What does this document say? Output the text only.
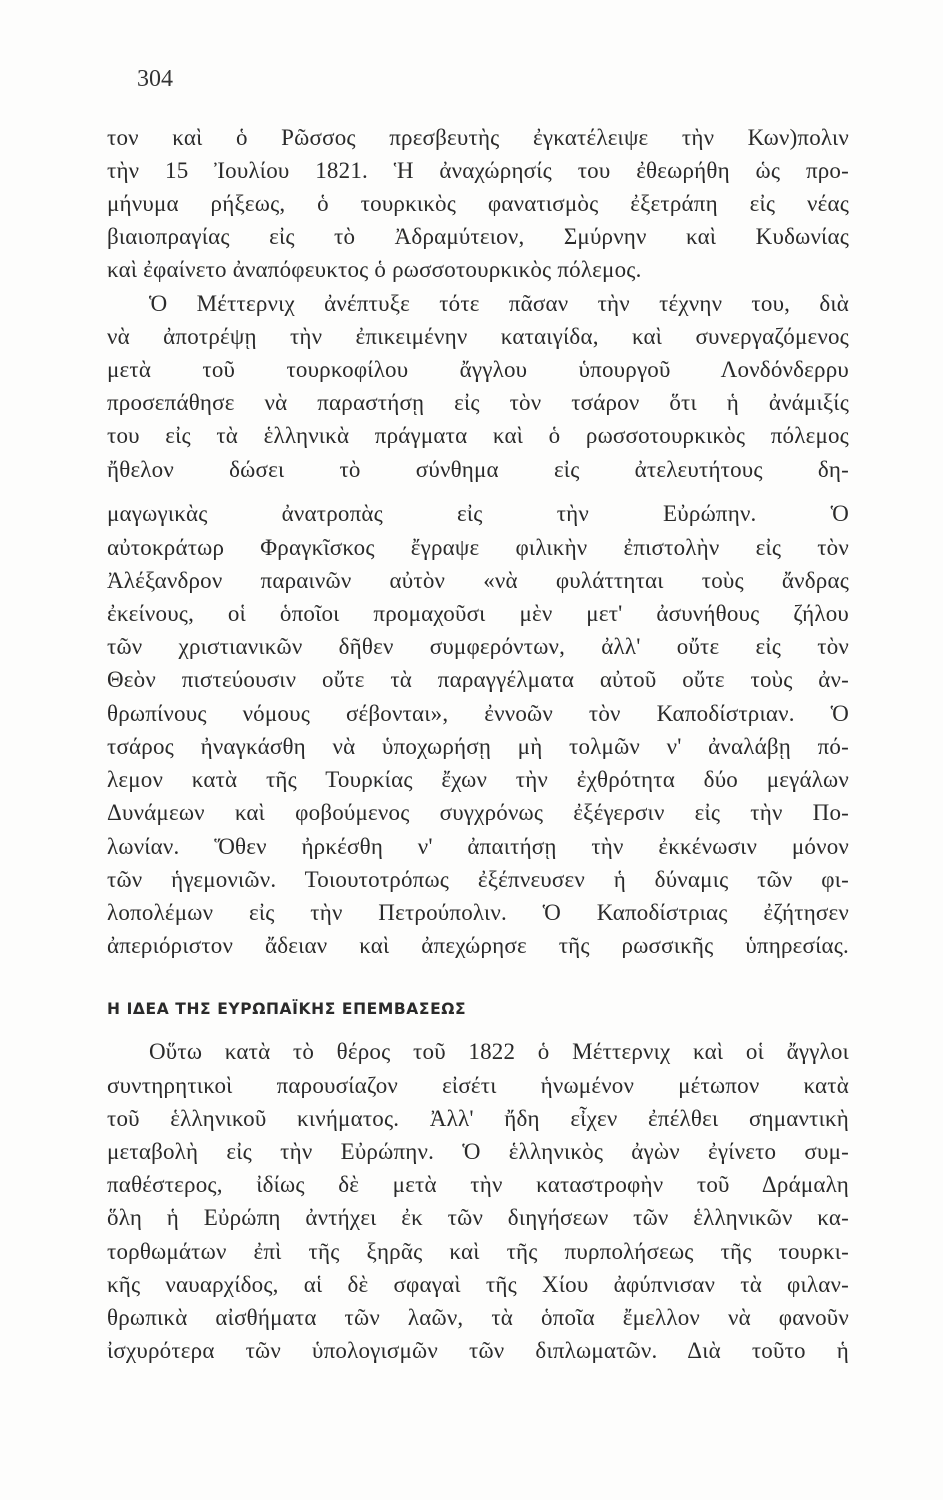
304
τον καὶ ὁ Ρῶσσος πρεσβευτὴς ἐγκατέλειψε τὴν Κων)πολιν
τὴν 15 Ἰουλίου 1821. Ἡ ἀναχώρησίς του ἐθεωρήθη ὡς προ-
μήνυμα ρήξεως, ὁ τουρκικὸς φανατισμὸς ἐξετράπη εἰς νέας
βιαιοπραγίας εἰς τὸ Ἀδραμύτειον, Σμύρνην καὶ Κυδωνίας
καὶ ἐφαίνετο ἀναπόφευκτος ὁ ρωσσοτουρκικὸς πόλεμος.
Ὁ Μέττερνιχ ἀνέπτυξε τότε πᾶσαν τὴν τέχνην του, διὰ
νὰ ἀποτρέψῃ τὴν ἐπικειμένην καταιγίδα, καὶ συνεργαζόμενος
μετὰ τοῦ τουρκοφίλου ἄγγλου ὑπουργοῦ Λονδόνδερρυ
προσεπάθησε νὰ παραστήσῃ εἰς τὸν τσάρον ὅτι ἡ ἀνάμιξίς
του εἰς τὰ ἑλληνικὰ πράγματα καὶ ὁ ρωσσοτουρκικὸς πόλεμος
ἤθελον δώσει τὸ σύνθημα εἰς ἀτελευτήτους δη-
μαγωγικὰς ἀνατροπὰς εἰς τὴν Εὐρώπην. Ὁ
αὐτοκράτωρ Φραγκῖσκος ἔγραψε φιλικὴν ἐπιστολὴν εἰς τὸν
Ἀλέξανδρον παραινῶν αὐτὸν «νὰ φυλάττηται τοὺς ἄνδρας
ἐκείνους, οἱ ὁποῖοι προμαχοῦσι μὲν μετ' ἀσυνήθους ζήλου
τῶν χριστιανικῶν δῆθεν συμφερόντων, ἀλλ' οὔτε εἰς τὸν
Θεὸν πιστεύουσιν οὔτε τὰ παραγγέλματα αὐτοῦ οὔτε τοὺς ἀν-
θρωπίνους νόμους σέβονται», ἐννοῶν τὸν Καποδίστριαν. Ὁ
τσάρος ἠναγκάσθη νὰ ὑποχωρήσῃ μὴ τολμῶν ν' ἀναλάβῃ πό-
λεμον κατὰ τῆς Τουρκίας ἔχων τὴν ἐχθρότητα δύο μεγάλων
Δυνάμεων καὶ φοβούμενος συγχρόνως ἐξέγερσιν εἰς τὴν Πο-
λωνίαν. Ὅθεν ἠρκέσθη ν' ἀπαιτήσῃ τὴν ἐκκένωσιν μόνον
τῶν ἡγεμονιῶν. Τοιουτοτρόπως ἐξέπνευσεν ἡ δύναμις τῶν φι-
λοπολέμων εἰς τὴν Πετρούπολιν. Ὁ Καποδίστριας ἐζήτησεν
ἀπεριόριστον ἄδειαν καὶ ἀπεχώρησε τῆς ρωσσικῆς ὑπηρεσίας.
Η ΙΔΕΑ ΤΗΣ ΕΥΡΩΠΑΪΚΗΣ ΕΠΕΜΒΑΣΕΩΣ
Οὕτω κατὰ τὸ θέρος τοῦ 1822 ὁ Μέττερνιχ καὶ οἱ ἄγγλοι
συντηρητικοὶ παρουσίαζον εἰσέτι ἡνωμένον μέτωπον κατὰ
τοῦ ἑλληνικοῦ κινήματος. Ἀλλ' ἤδη εἶχεν ἐπέλθει σημαντικὴ
μεταβολὴ εἰς τὴν Εὐρώπην. Ὁ ἑλληνικὸς ἀγὼν ἐγίνετο συμ-
παθέστερος, ἰδίως δὲ μετὰ τὴν καταστροφὴν τοῦ Δράμαλη
ὅλη ἡ Εὐρώπη ἀντήχει ἐκ τῶν διηγήσεων τῶν ἑλληνικῶν κα-
τορθωμάτων ἐπὶ τῆς ξηρᾶς καὶ τῆς πυρπολήσεως τῆς τουρκι-
κῆς ναυαρχίδος, αἱ δὲ σφαγαὶ τῆς Χίου ἀφύπνισαν τὰ φιλαν-
θρωπικὰ αἰσθήματα τῶν λαῶν, τὰ ὁποῖα ἔμελλον νὰ φανοῦν
ἰσχυρότερα τῶν ὑπολογισμῶν τῶν διπλωματῶν. Διὰ τοῦτο ἡ
